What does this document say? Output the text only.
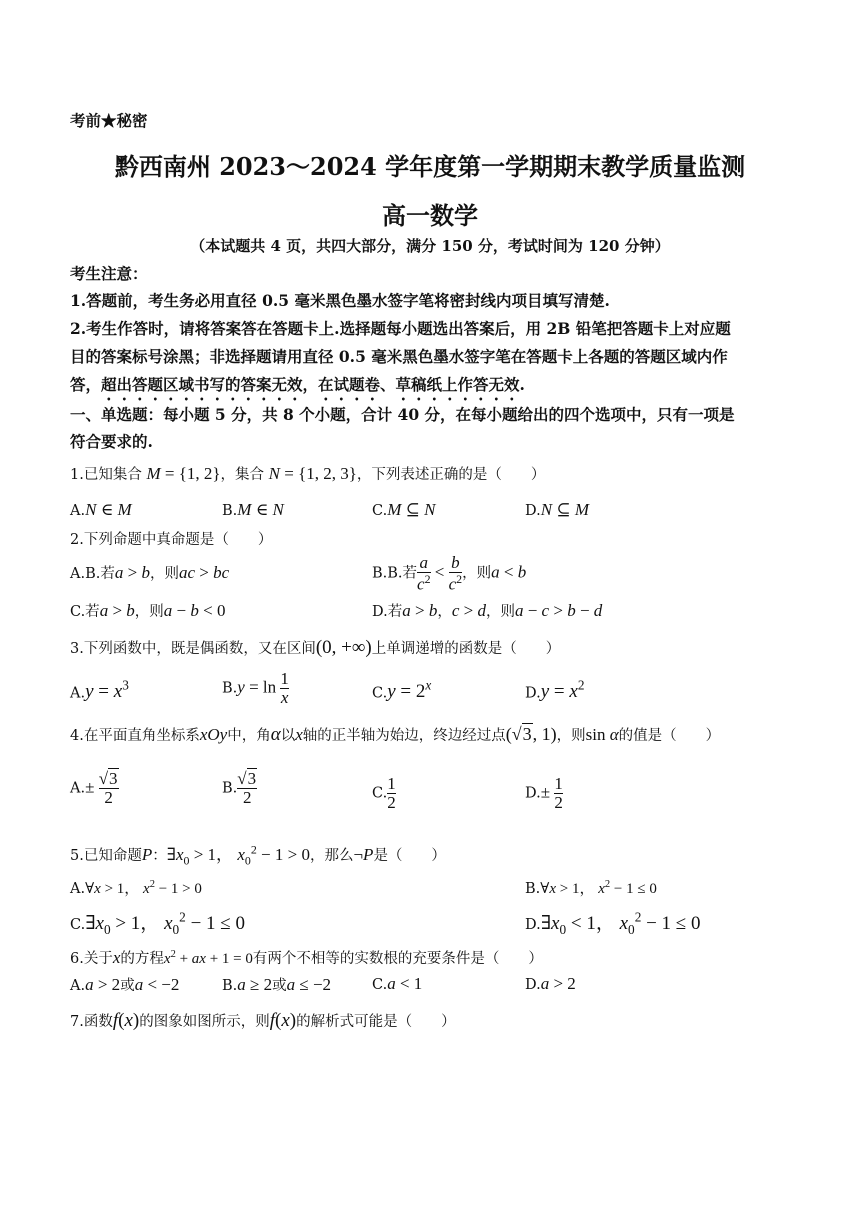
考前★秘密
黔西南州 2023～2024 学年度第一学期期末教学质量监测
高一数学
（本试题共 4 页，共四大部分，满分 150 分，考试时间为 120 分钟）
考生注意：
1.答题前，考生务必用直径 0.5 毫米黑色墨水签字笔将密封线内项目填写清楚.
2.考生作答时，请将答案答在答题卡上.选择题每小题选出答案后，用 2B 铅笔把答题卡上对应题
目的答案标号涂黑；非选择题请用直径 0.5 毫米黑色墨水签字笔在答题卡上各题的答题区域内作
答，超出答题区域书写的答案无效，在试题卷、草稿纸上作答无效.
一、单选题：每小题 5 分，共 8 个小题，合计 40 分，在每小题给出的四个选项中，只有一项是
符合要求的.
1.已知集合 M = {1, 2}，集合 N = {1, 2, 3}，下列表述正确的是（　　）
A.N ∈ M	B.M ∈ N	C.M ⊆ N	D.N ⊆ M
2.下列命题中真命题是（　　）
A.B.若a > b，则ac > bc	B.B.若 $\frac{a}{c^2} < \frac{b}{c^2}$ ，则a < b
C.若a > b，则a − b < 0	D.若a > b，c > d，则a − c > b − d
3.下列函数中，既是偶函数，又在区间(0, +∞)上单调递增的函数是（　　）
$A.y = x^3$	$B.y = \ln \frac{1}{x}$	$C.y = 2^x$	$D.y = x^2$
4.在平面直角坐标系xOy中，角α以x轴的正半轴为始边，终边经过点(√3, 1)，则sin α的值是（　　）
$A.\pm \frac{√3}{2}$	B. $\frac{√3}{2}$	C. $\frac{1}{2}$	$D.\pm \frac{1}{2}$
5.已知命题P：$\exists x_0 > 1$， $x_0^2 - 1 > 0$，那么¬P是（　　）
A.∀x > 1， $x^2 - 1 > 0$	B.∀x > 1， $x^2 - 1 \le 0$
$C.\exists x_0 > 1$， $x_0^2 - 1 \le 0$	$D.\exists x_0 < 1$， $x_0^2 - 1 \le 0$
6.关于x的方程$x^2$ + ax + 1 = 0有两个不相等的实数根的充要条件是（　　）
A.a > 2或a < −2	B.a ≥ 2或a ≤ −2	C.a < 1	D.a > 2
7.函数f(x)的图象如图所示，则f(x)的解析式可能是（　　）
